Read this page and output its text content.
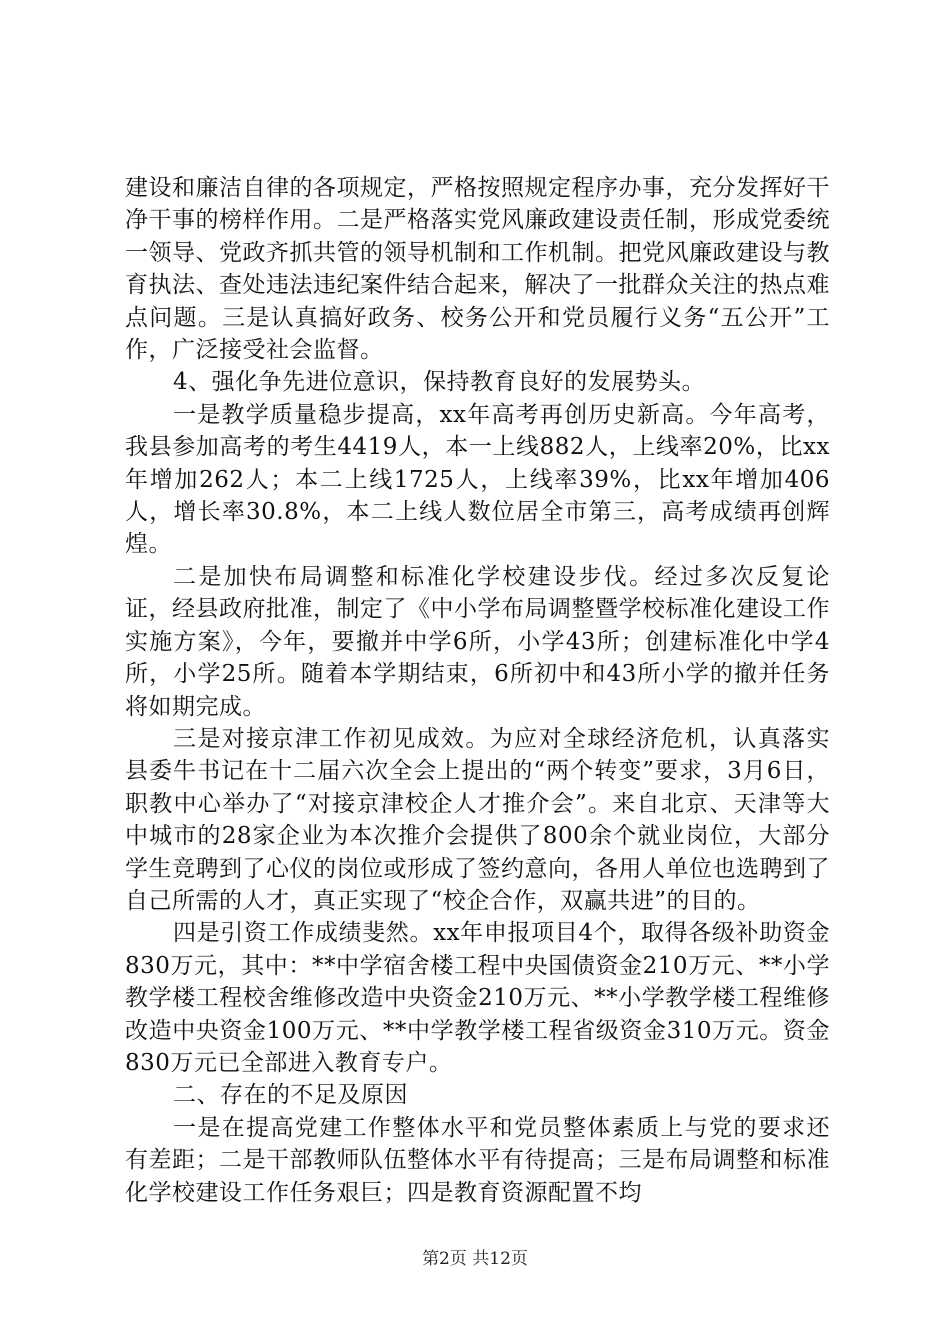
建设和廉洁自律的各项规定，严格按照规定程序办事，充分发挥好干净干事的榜样作用。二是严格落实党风廉政建设责任制，形成党委统一领导、党政齐抓共管的领导机制和工作机制。把党风廉政建设与教育执法、查处违法违纪案件结合起来，解决了一批群众关注的热点难点问题。三是认真搞好政务、校务公开和党员履行义务“五公开”工作，广泛接受社会监督。

4、强化争先进位意识，保持教育良好的发展势头。

一是教学质量稳步提高，xx年高考再创历史新高。今年高考，我县参加高考的考生4419人，本一上线882人，上线率20%，比xx年增加262人；本二上线1725人，上线率39%，比xx年增加406人，增长率30.8%，本二上线人数位居全市第三，高考成绩再创辉煌。

二是加快布局调整和标准化学校建设步伐。经过多次反复论证，经县政府批准，制定了《中小学布局调整暨学校标准化建设工作实施方案》，今年，要撤并中学6所，小学43所；创建标准化中学4所，小学25所。随着本学期结束，6所初中和43所小学的撤并任务将如期完成。

三是对接京津工作初见成效。为应对全球经济危机，认真落实县委牛书记在十二届六次全会上提出的“两个转变”要求，3月6日，职教中心举办了“对接京津校企人才推介会”。来自北京、天津等大中城市的28家企业为本次推介会提供了800余个就业岗位，大部分学生竞聘到了心仪的岗位或形成了签约意向，各用人单位也选聘到了自己所需的人才，真正实现了“校企合作，双赢共进”的目的。

四是引资工作成绩斐然。xx年申报项目4个，取得各级补助资金830万元，其中：**中学宿舍楼工程中央国债资金210万元、**小学教学楼工程校舍维修改造中央资金210万元、**小学教学楼工程维修改造中央资金100万元、**中学教学楼工程省级资金310万元。资金830万元已全部进入教育专户。

二、存在的不足及原因

一是在提高党建工作整体水平和党员整体素质上与党的要求还有差距；二是干部教师队伍整体水平有待提高；三是布局调整和标准化学校建设工作任务艰巨；四是教育资源配置不均

第2页 共12页
